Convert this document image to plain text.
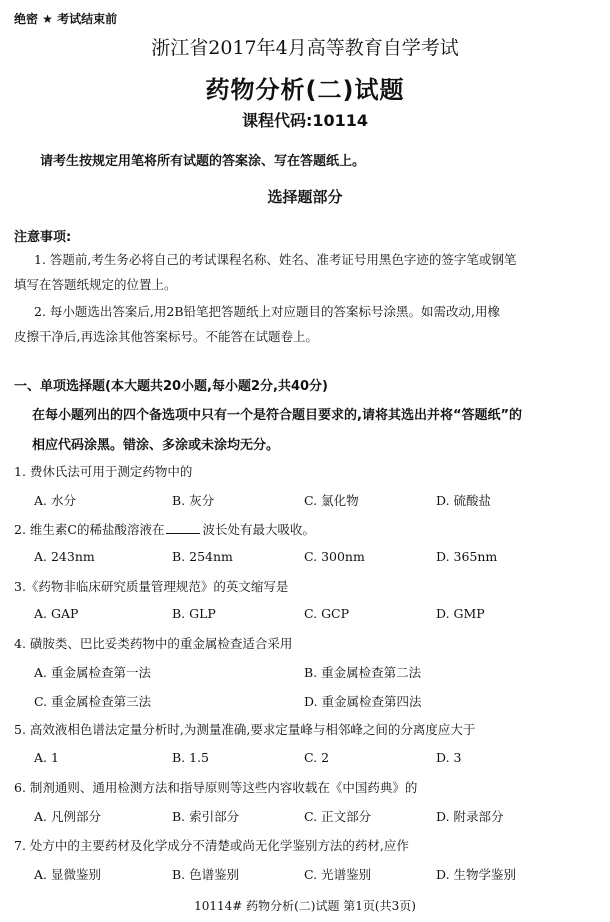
绝密 ★ 考试结束前
浙江省2017年4月高等教育自学考试
药物分析(二)试题
课程代码:10114
请考生按规定用笔将所有试题的答案涂、写在答题纸上。
选择题部分
注意事项:
1. 答题前,考生务必将自己的考试课程名称、姓名、准考证号用黑色字迹的签字笔或钢笔
填写在答题纸规定的位置上。
2. 每小题选出答案后,用2B铅笔把答题纸上对应题目的答案标号涂黑。如需改动,用橡
皮擦干净后,再选涂其他答案标号。不能答在试题卷上。
一、单项选择题(本大题共20小题,每小题2分,共40分)
在每小题列出的四个备选项中只有一个是符合题目要求的,请将其选出并将“答题纸”的
相应代码涂黑。错涂、多涂或未涂均无分。
1. 费休氏法可用于测定药物中的
A. 水分	B. 灰分	C. 氯化物	D. 硫酸盐
2. 维生素C的稀盐酸溶液在	波长处有最大吸收。
A. 243nm	B. 254nm	C. 300nm	D. 365nm
3.《药物非临床研究质量管理规范》的英文缩写是
A. GAP	B. GLP	C. GCP	D. GMP
4. 磺胺类、巴比妥类药物中的重金属检查适合采用
A. 重金属检查第一法	B. 重金属检查第二法
C. 重金属检查第三法	D. 重金属检查第四法
5. 高效液相色谱法定量分析时,为测量准确,要求定量峰与相邻峰之间的分离度应大于
A. 1	B. 1.5	C. 2	D. 3
6. 制剂通则、通用检测方法和指导原则等这些内容收载在《中国药典》的
A. 凡例部分	B. 索引部分	C. 正文部分	D. 附录部分
7. 处方中的主要药材及化学成分不清楚或尚无化学鉴别方法的药材,应作
A. 显微鉴别	B. 色谱鉴别	C. 光谱鉴别	D. 生物学鉴别
10114# 药物分析(二)试题 第1页(共3页)
